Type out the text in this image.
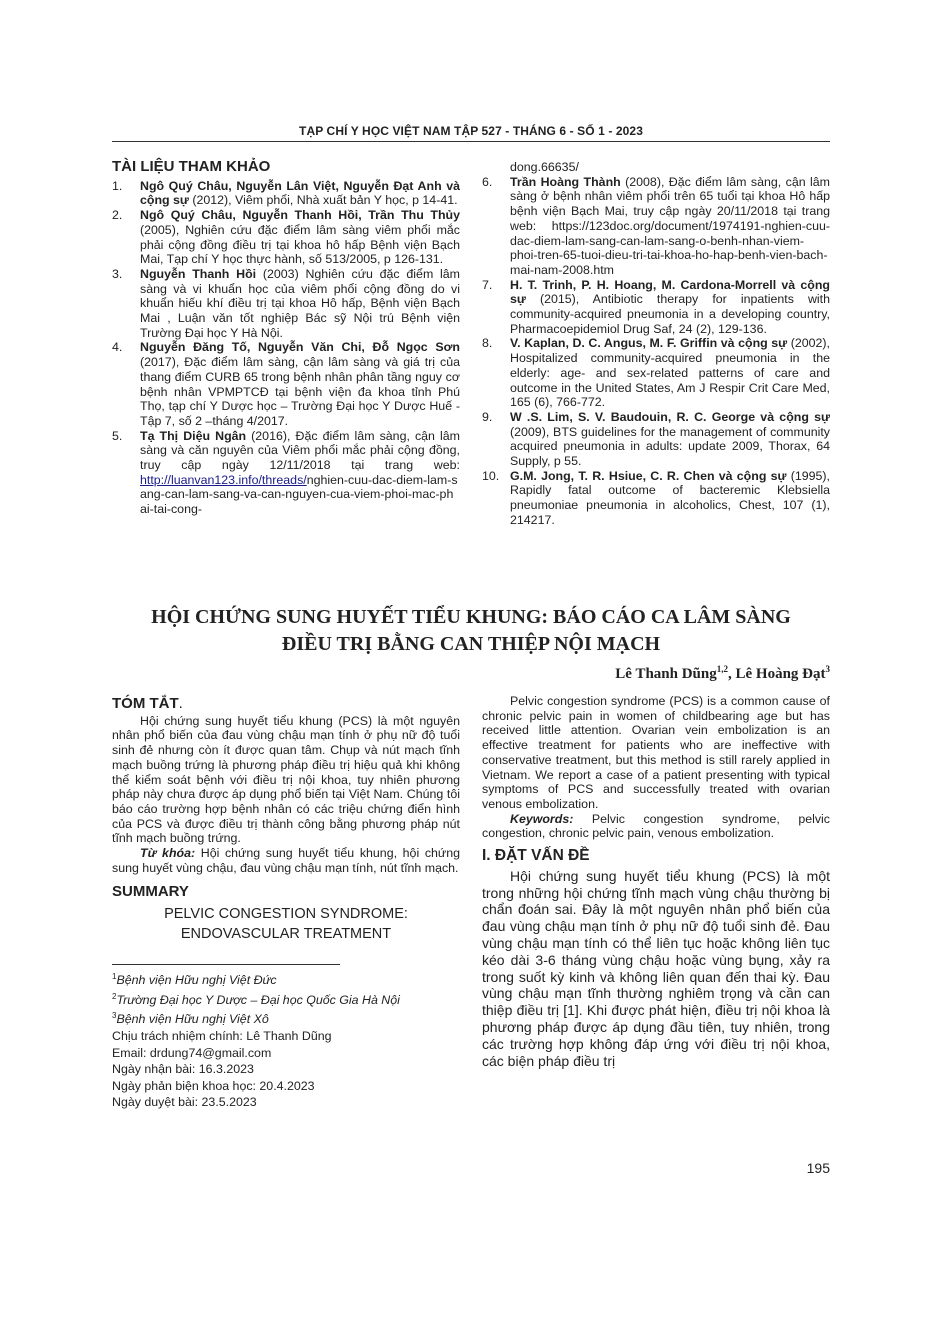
TẠP CHÍ Y HỌC VIỆT NAM TẬP 527 - THÁNG 6 - SỐ 1 - 2023
TÀI LIỆU THAM KHẢO
1. Ngô Quý Châu, Nguyễn Lân Việt, Nguyễn Đạt Anh và cộng sự (2012), Viêm phổi, Nhà xuất bản Y học, p 14-41.
2. Ngô Quý Châu, Nguyễn Thanh Hồi, Trần Thu Thủy (2005), Nghiên cứu đặc điểm lâm sàng viêm phổi mắc phải cộng đồng điều trị tại khoa hô hấp Bệnh viện Bạch Mai, Tạp chí Y học thực hành, số 513/2005, p 126-131.
3. Nguyễn Thanh Hồi (2003) Nghiên cứu đặc điểm lâm sàng và vi khuẩn học của viêm phổi cộng đồng do vi khuẩn hiếu khí điều trị tại khoa Hô hấp, Bệnh viện Bạch Mai , Luận văn tốt nghiệp Bác sỹ Nội trú Bệnh viện Trường Đại học Y Hà Nội.
4. Nguyễn Đăng Tố, Nguyễn Văn Chi, Đỗ Ngọc Sơn (2017), Đặc điểm lâm sàng, cận lâm sàng và giá trị của thang điểm CURB 65 trong bệnh nhân phân tầng nguy cơ bệnh nhân VPMPTCĐ tại bệnh viện đa khoa tỉnh Phú Thọ, tạp chí Y Dược học – Trường Đại học Y Dược Huế - Tập 7, số 2 –tháng 4/2017.
5. Tạ Thị Diệu Ngân (2016), Đặc điểm lâm sàng, cận lâm sàng và căn nguyên của Viêm phổi mắc phải cộng đồng, truy cập ngày 12/11/2018 tại trang web: http://luanvan123.info/threads/nghien-cuu-dac-diem-lam-sang-can-lam-sang-va-can-nguyen-cua-viem-phoi-mac-phai-tai-cong-
dong.66635/
6. Trần Hoàng Thành (2008), Đặc điểm lâm sàng, cận lâm sàng ở bệnh nhân viêm phổi trên 65 tuổi tại khoa Hô hấp bệnh viện Bạch Mai, truy cập ngày 20/11/2018 tại trang web: https://123doc.org/document/1974191-nghien-cuu-dac-diem-lam-sang-can-lam-sang-o-benh-nhan-viem-phoi-tren-65-tuoi-dieu-tri-tai-khoa-ho-hap-benh-vien-bach-mai-nam-2008.htm
7. H. T. Trinh, P. H. Hoang, M. Cardona-Morrell và cộng sự (2015), Antibiotic therapy for inpatients with community-acquired pneumonia in a developing country, Pharmacoepidemiol Drug Saf, 24 (2), 129-136.
8. V. Kaplan, D. C. Angus, M. F. Griffin và cộng sự (2002), Hospitalized community-acquired pneumonia in the elderly: age- and sex-related patterns of care and outcome in the United States, Am J Respir Crit Care Med, 165 (6), 766-772.
9. W .S. Lim, S. V. Baudouin, R. C. George và cộng sự (2009), BTS guidelines for the management of community acquired pneumonia in adults: update 2009, Thorax, 64 Supply, p 55.
10. G.M. Jong, T. R. Hsiue, C. R. Chen và cộng sự (1995), Rapidly fatal outcome of bacteremic Klebsiella pneumoniae pneumonia in alcoholics, Chest, 107 (1), 214217.
HỘI CHỨNG SUNG HUYẾT TIỂU KHUNG: BÁO CÁO CA LÂM SÀNG
ĐIỀU TRỊ BẰNG CAN THIỆP NỘI MẠCH
Lê Thanh Dũng$^{1,2}$, Lê Hoàng Đạt$^3$
TÓM TẮT.

Hội chứng sung huyết tiểu khung (PCS) là một nguyên nhân phổ biến của đau vùng chậu mạn tính ở phụ nữ độ tuổi sinh đẻ nhưng còn ít được quan tâm. Chụp và nút mạch tĩnh mạch buồng trứng là phương pháp điều trị hiệu quả khi không thể kiểm soát bệnh với điều trị nội khoa, tuy nhiên phương pháp này chưa được áp dụng phổ biến tại Việt Nam. Chúng tôi báo cáo trường hợp bệnh nhân có các triệu chứng điển hình của PCS và được điều trị thành công bằng phương pháp nút tĩnh mạch buồng trứng.

Từ khóa: Hội chứng sung huyết tiểu khung, hội chứng sung huyết vùng chậu, đau vùng chậu mạn tính, nút tĩnh mạch.

SUMMARY

PELVIC CONGESTION SYNDROME:

ENDOVASCULAR TREATMENT

$^1$Bệnh viện Hữu nghị Việt Đức

$^2$Trường Đại học Y Dược – Đại học Quốc Gia Hà Nội

$^3$Bệnh viện Hữu nghị Việt Xô

Chịu trách nhiệm chính: Lê Thanh Dũng

Email: drdung74@gmail.com

Ngày nhận bài: 16.3.2023

Ngày phản biện khoa học: 20.4.2023

Ngày duyệt bài: 23.5.2023

Pelvic congestion syndrome (PCS) is a common cause of chronic pelvic pain in women of childbearing age but has received little attention. Ovarian vein embolization is an effective treatment for patients who are ineffective with conservative treatment, but this method is still rarely applied in Vietnam. We report a case of a patient presenting with typical symptoms of PCS and successfully treated with ovarian venous embolization.

Keywords: Pelvic congestion syndrome, pelvic congestion, chronic pelvic pain, venous embolization.

I. ĐẶT VẤN ĐỀ

Hội chứng sung huyết tiểu khung (PCS) là một trong những hội chứng tĩnh mạch vùng chậu thường bị chẩn đoán sai. Đây là một nguyên nhân phổ biến của đau vùng chậu mạn tính ở phụ nữ độ tuổi sinh đẻ. Đau vùng chậu mạn tính có thể liên tục hoặc không liên tục kéo dài 3-6 tháng vùng chậu hoặc vùng bụng, xảy ra trong suốt kỳ kinh và không liên quan đến thai kỳ. Đau vùng chậu mạn tĩnh thường nghiêm trọng và cần can thiệp điều trị [1]. Khi được phát hiện, điều trị nội khoa là phương pháp được áp dụng đầu tiên, tuy nhiên, trong các trường hợp không đáp ứng với điều trị nội khoa, các biện pháp điều trị

195
